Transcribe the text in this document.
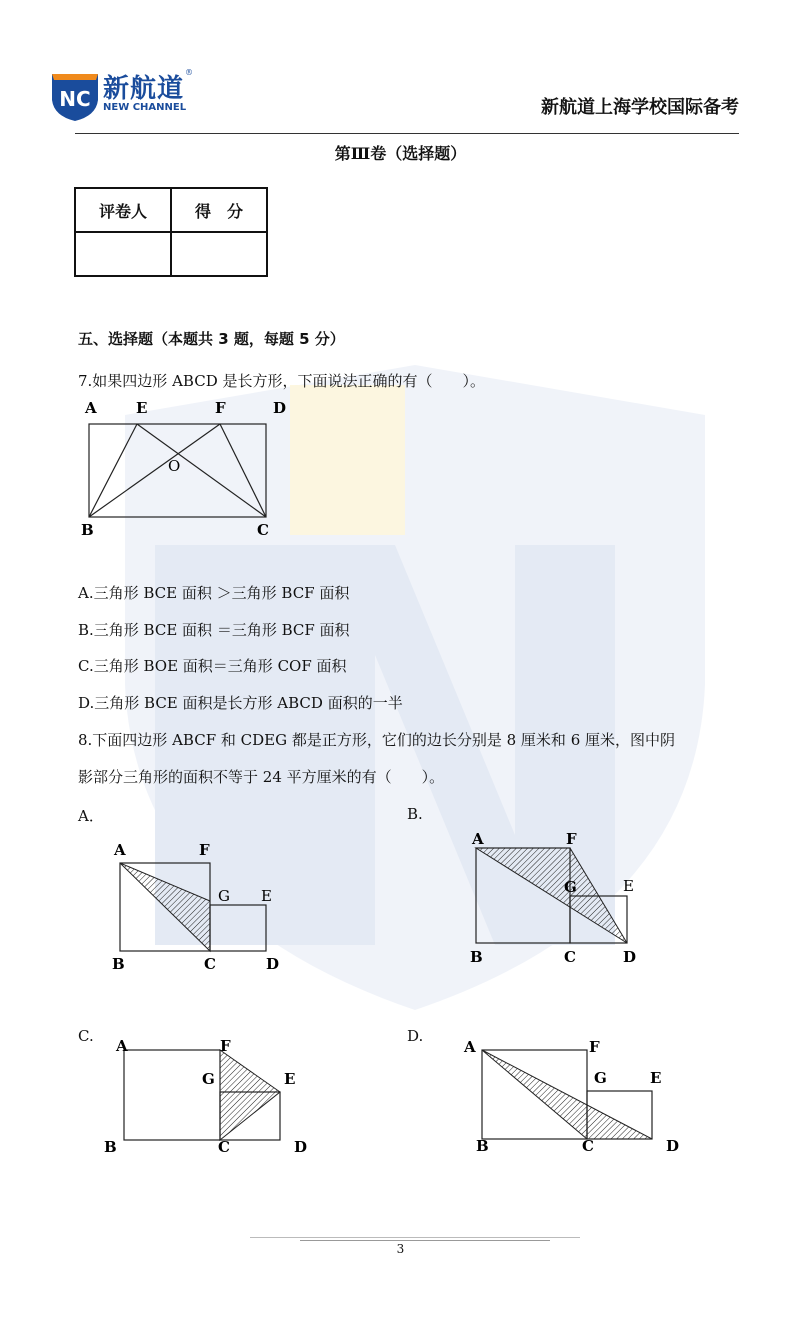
NC 新航道
®
NEW CHANNEL	新航道上海学校国际备考
第Ⅲ卷（选择题）
评卷人	得　分

五、选择题（本题共 3 题，每题 5 分）
7.如果四边形 ABCD 是长方形，下面说法正确的有（　　）。
A	E	F	D
O
B	C
A.三角形 BCE 面积 ＞三角形 BCF 面积
B.三角形 BCE 面积 ＝三角形 BCF 面积
C.三角形 BOE 面积＝三角形 COF 面积
D.三角形 BCE 面积是长方形 ABCD 面积的一半
8.下面四边形 ABCF 和 CDEG 都是正方形，它们的边长分别是 8 厘米和 6 厘米，图中阴
影部分三角形的面积不等于 24 平方厘米的有（　　）。
A．	B.
C.	D.
A	F
G E
B	C	D
A	F
G	E
B	C	D
A	F
G	E
B	C	D
A	F
G	E
B	C	D
3
